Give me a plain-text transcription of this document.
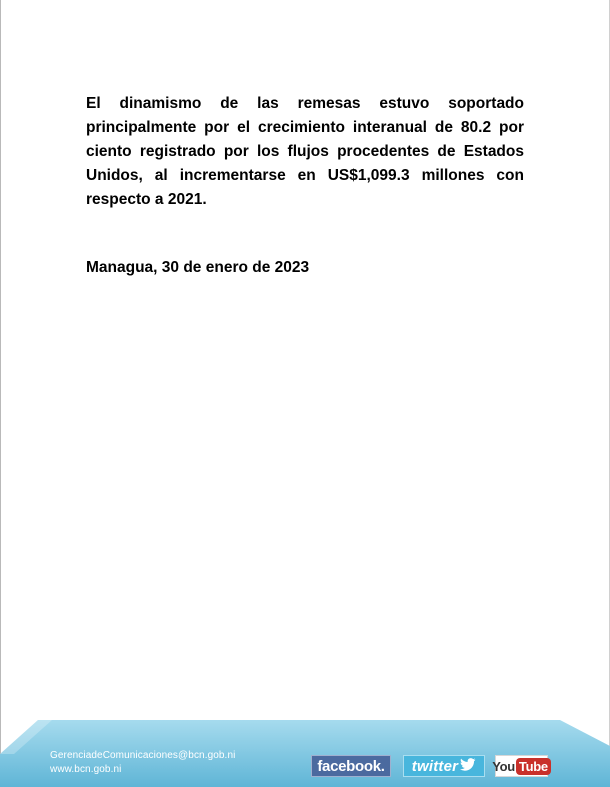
El dinamismo de las remesas estuvo soportado principalmente por el crecimiento interanual de 80.2 por ciento registrado por los flujos procedentes de Estados Unidos, al incrementarse en US$1,099.3 millones con respecto a 2021.

Managua, 30 de enero de 2023

GerenciadeComunicaciones@bcn.gob.ni
www.bcn.gob.ni	facebook. twitter	You Tube
